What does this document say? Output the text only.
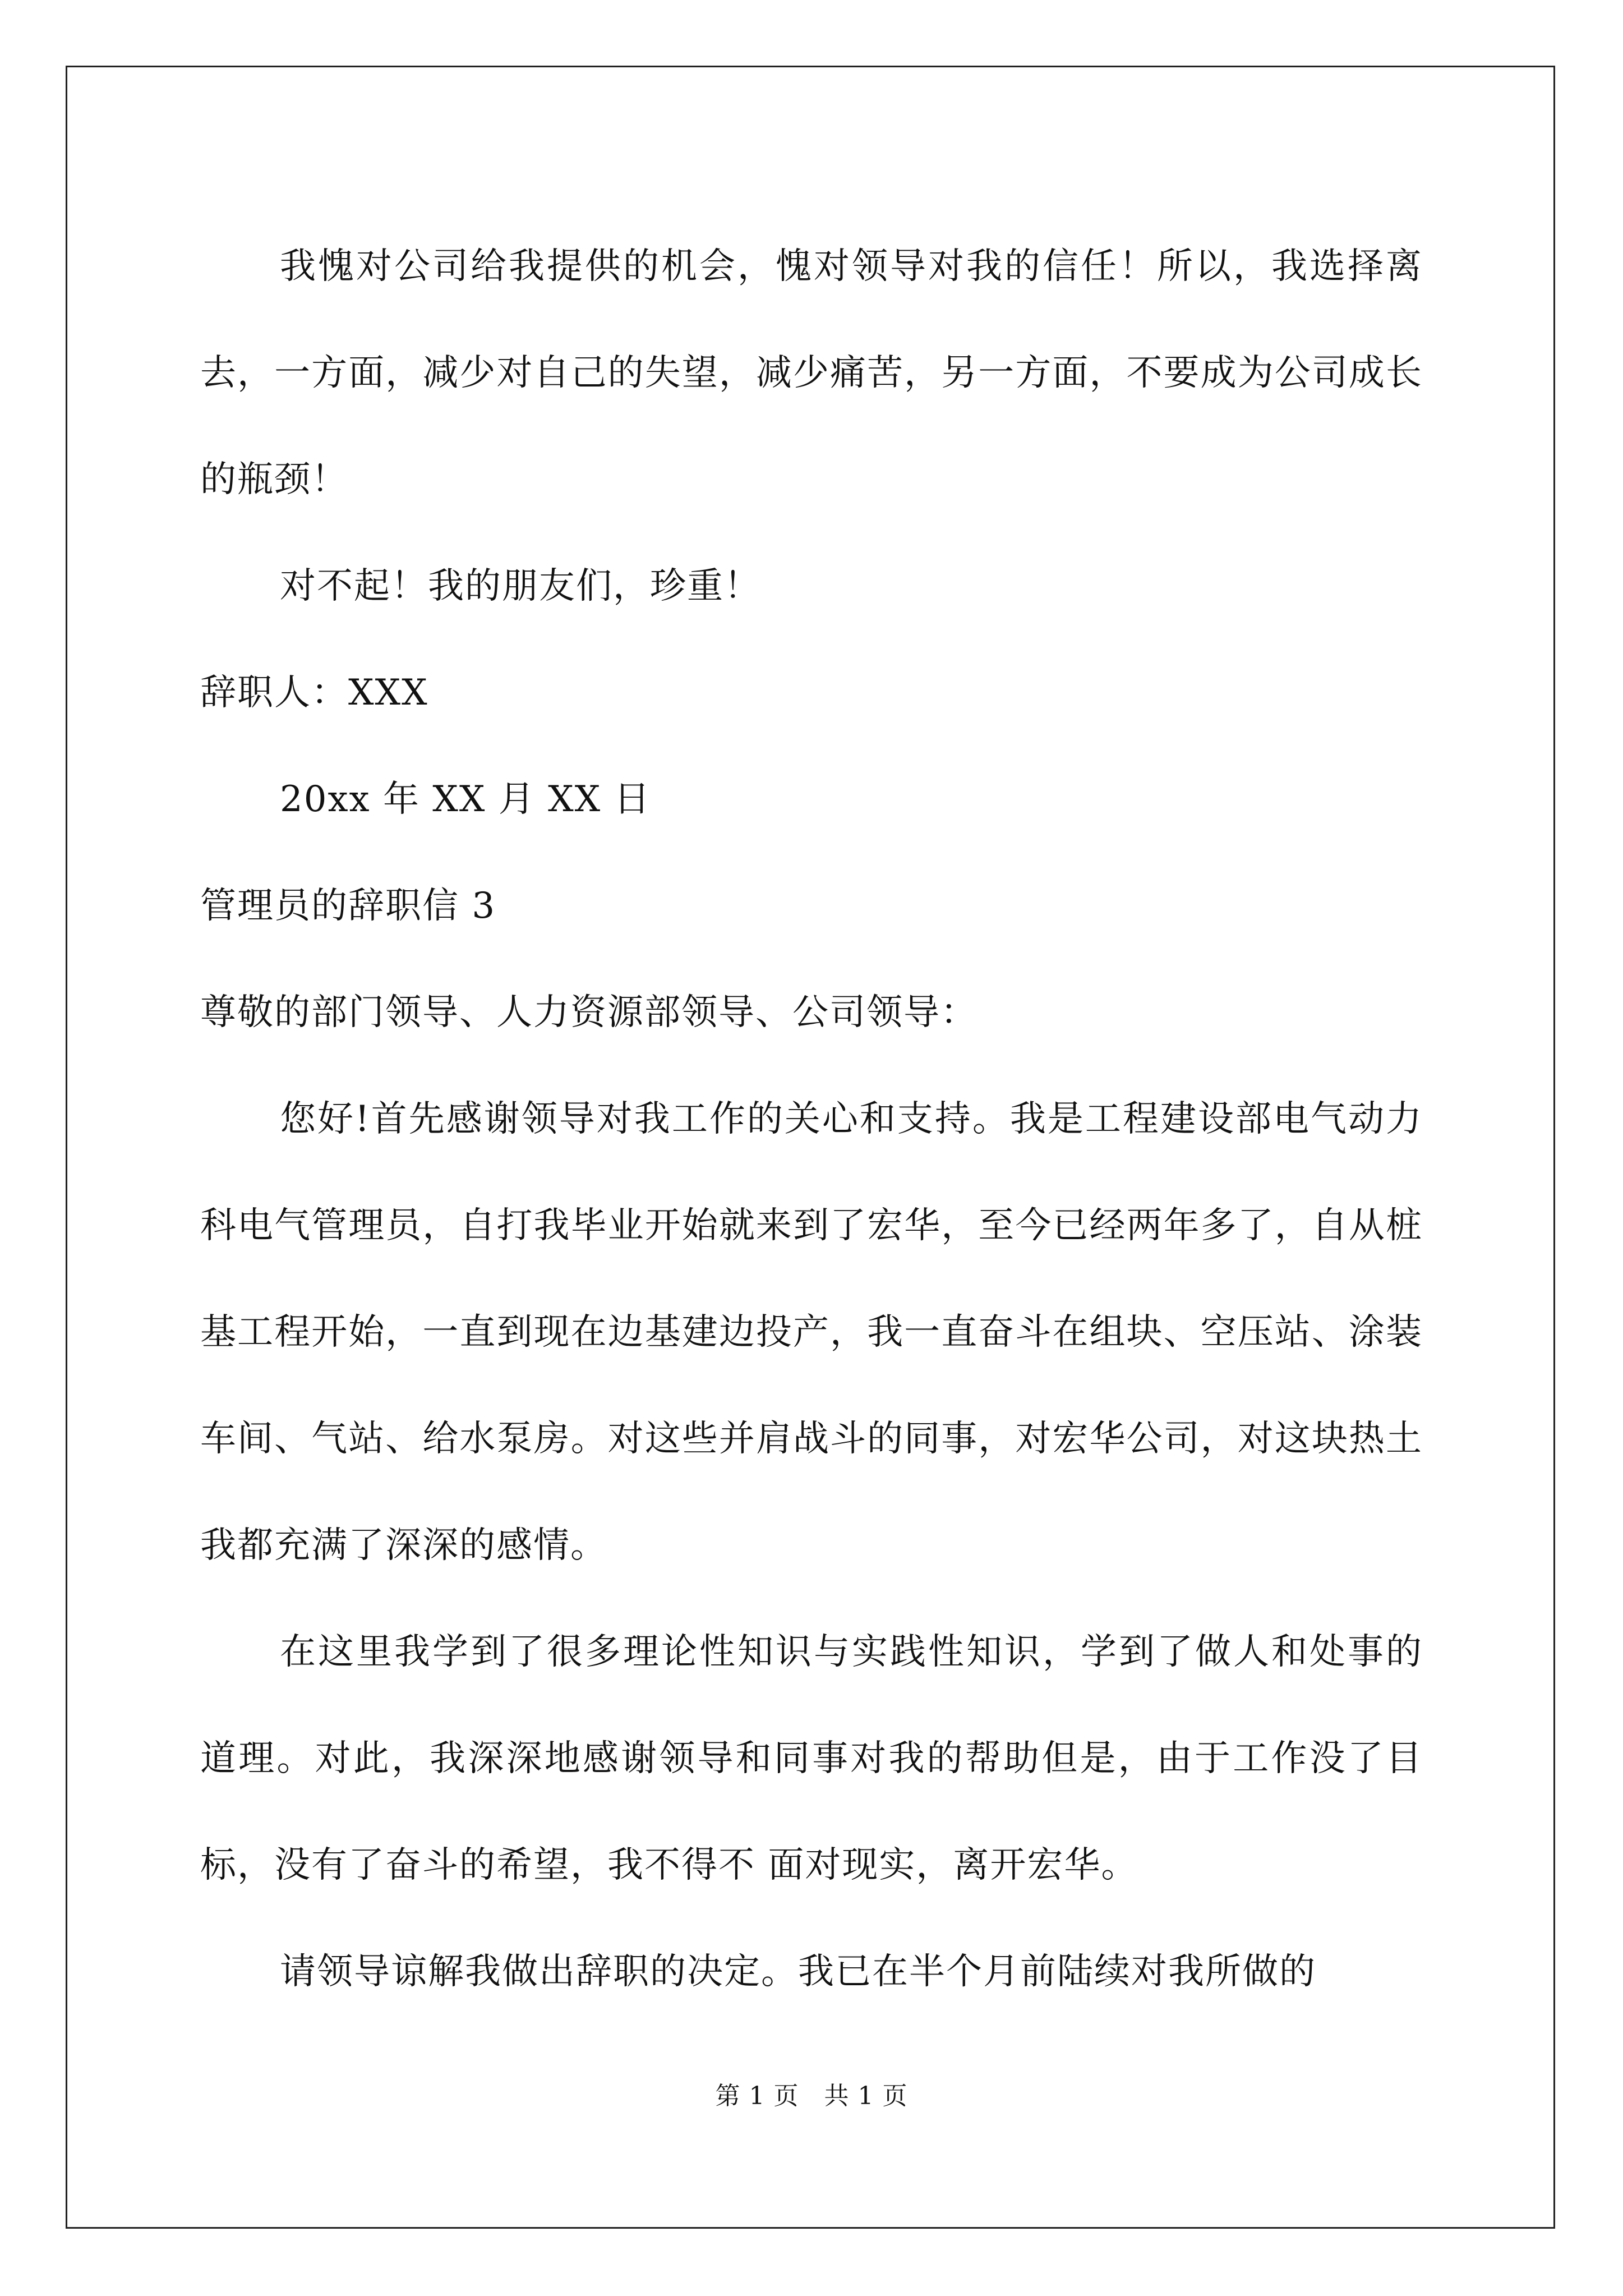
我愧对公司给我提供的机会，愧对领导对我的信任！所以，我选择离去，一方面，减少对自己的失望，减少痛苦，另一方面，不要成为公司成长的瓶颈！

对不起！我的朋友们，珍重！

辞职人：XXX

20xx 年 XX 月 XX 日

管理员的辞职信 3

尊敬的部门领导、人力资源部领导、公司领导：

您好!首先感谢领导对我工作的关心和支持。我是工程建设部电气动力科电气管理员，自打我毕业开始就来到了宏华，至今已经两年多了，自从桩基工程开始，一直到现在边基建边投产，我一直奋斗在组块、空压站、涂装车间、气站、给水泵房。对这些并肩战斗的同事，对宏华公司，对这块热土我都充满了深深的感情。

在这里我学到了很多理论性知识与实践性知识，学到了做人和处事的道理。对此，我深深地感谢领导和同事对我的帮助但是，由于工作没了目标，没有了奋斗的希望，我不得不 面对现实，离开宏华。

请领导谅解我做出辞职的决定。我已在半个月前陆续对我所做的

第 1 页　共 1 页
